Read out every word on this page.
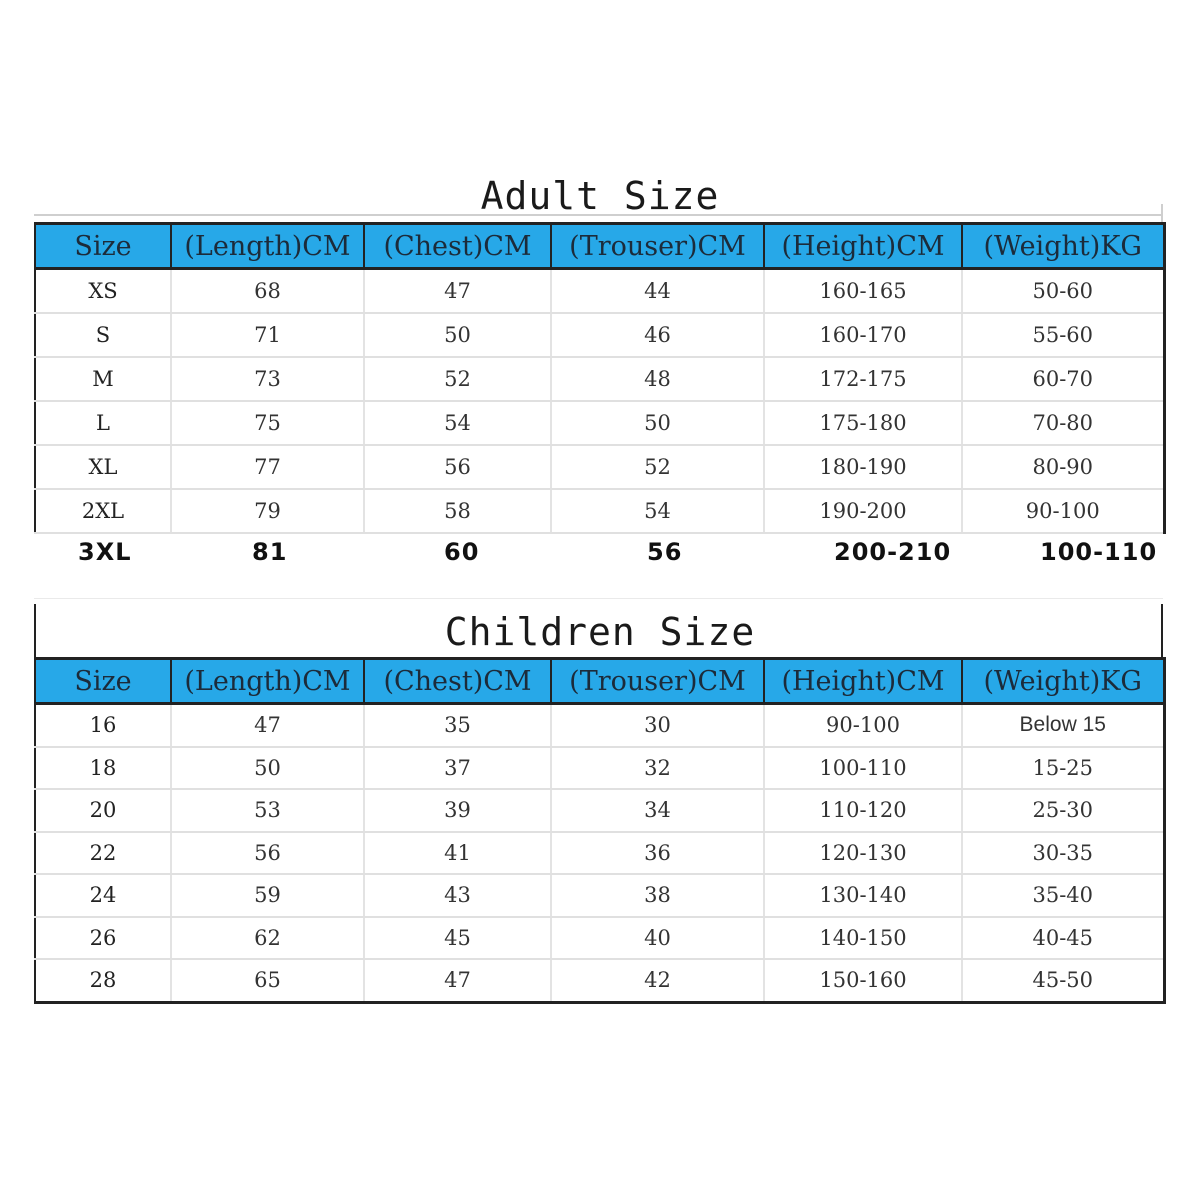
Adult Size
Size	(Length)CM	(Chest)CM	(Trouser)CM	(Height)CM	(Weight)KG
XS	68	47	44	160-165	50-60
S	71	50	46	160-170	55-60
M	73	52	48	172-175	60-70
L	75	54	50	175-180	70-80
XL	77	56	52	180-190	80-90
2XL	79	58	54	190-200	90-100
3XL	81	60	56	200-210	100-110
Children Size
Size	(Length)CM	(Chest)CM	(Trouser)CM	(Height)CM	(Weight)KG
16	47	35	30	90-100	Below 15
18	50	37	32	100-110	15-25
20	53	39	34	110-120	25-30
22	56	41	36	120-130	30-35
24	59	43	38	130-140	35-40
26	62	45	40	140-150	40-45
28	65	47	42	150-160	45-50
